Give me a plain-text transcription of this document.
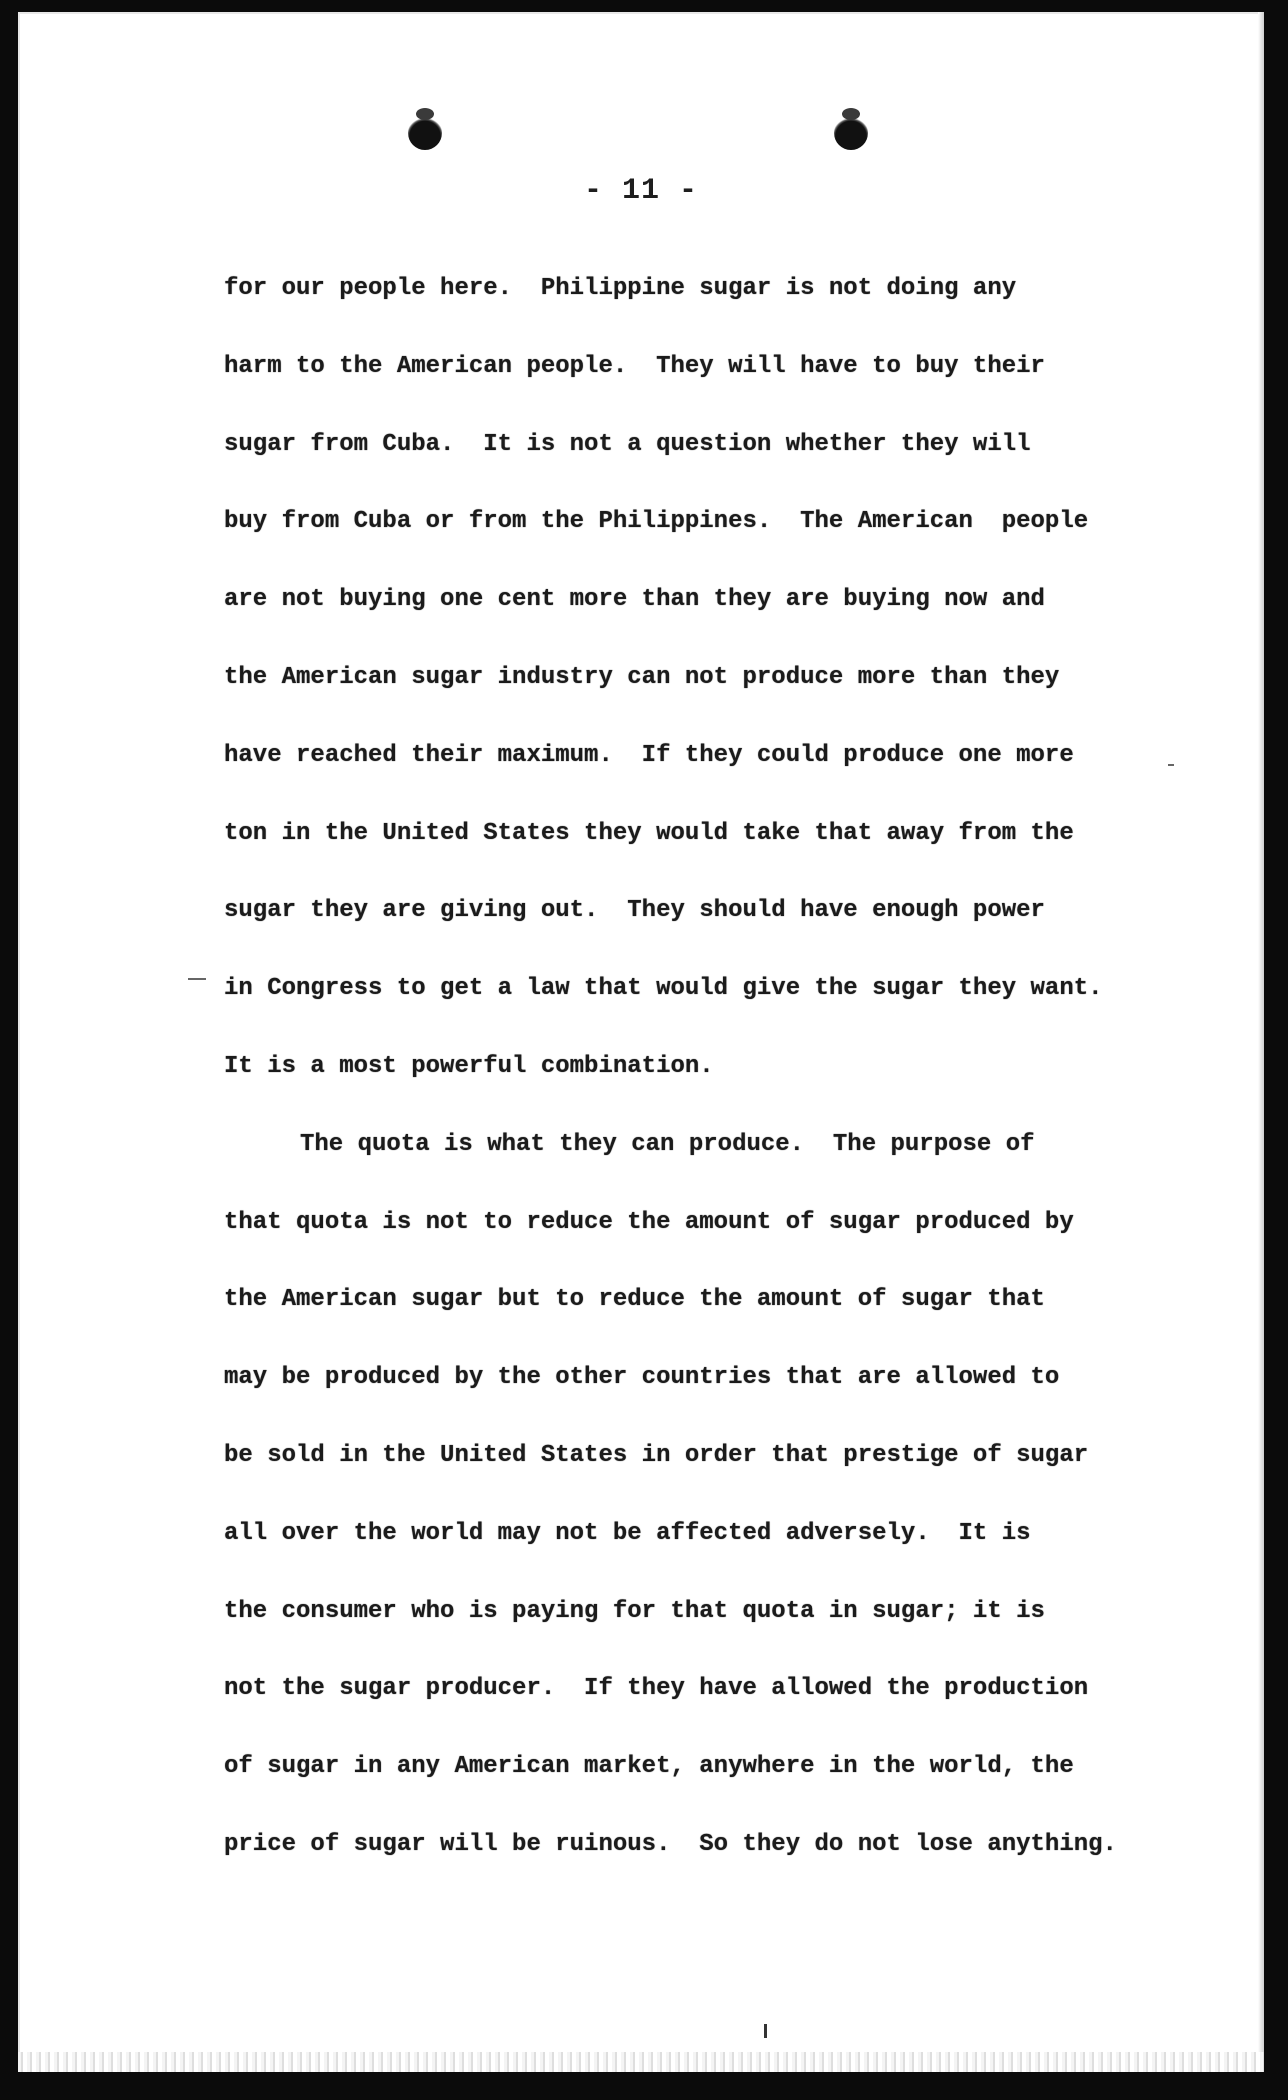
- 11 -
for our people here.  Philippine sugar is not doing any
harm to the American people.  They will have to buy their
sugar from Cuba.  It is not a question whether they will
buy from Cuba or from the Philippines.  The American  people
are not buying one cent more than they are buying now and
the American sugar industry can not produce more than they
have reached their maximum.  If they could produce one more
ton in the United States they would take that away from the
sugar they are giving out.  They should have enough power
in Congress to get a law that would give the sugar they want.
It is a most powerful combination.
The quota is what they can produce.  The purpose of
that quota is not to reduce the amount of sugar produced by
the American sugar but to reduce the amount of sugar that
may be produced by the other countries that are allowed to
be sold in the United States in order that prestige of sugar
all over the world may not be affected adversely.  It is
the consumer who is paying for that quota in sugar; it is
not the sugar producer.  If they have allowed the production
of sugar in any American market, anywhere in the world, the
price of sugar will be ruinous.  So they do not lose anything.
